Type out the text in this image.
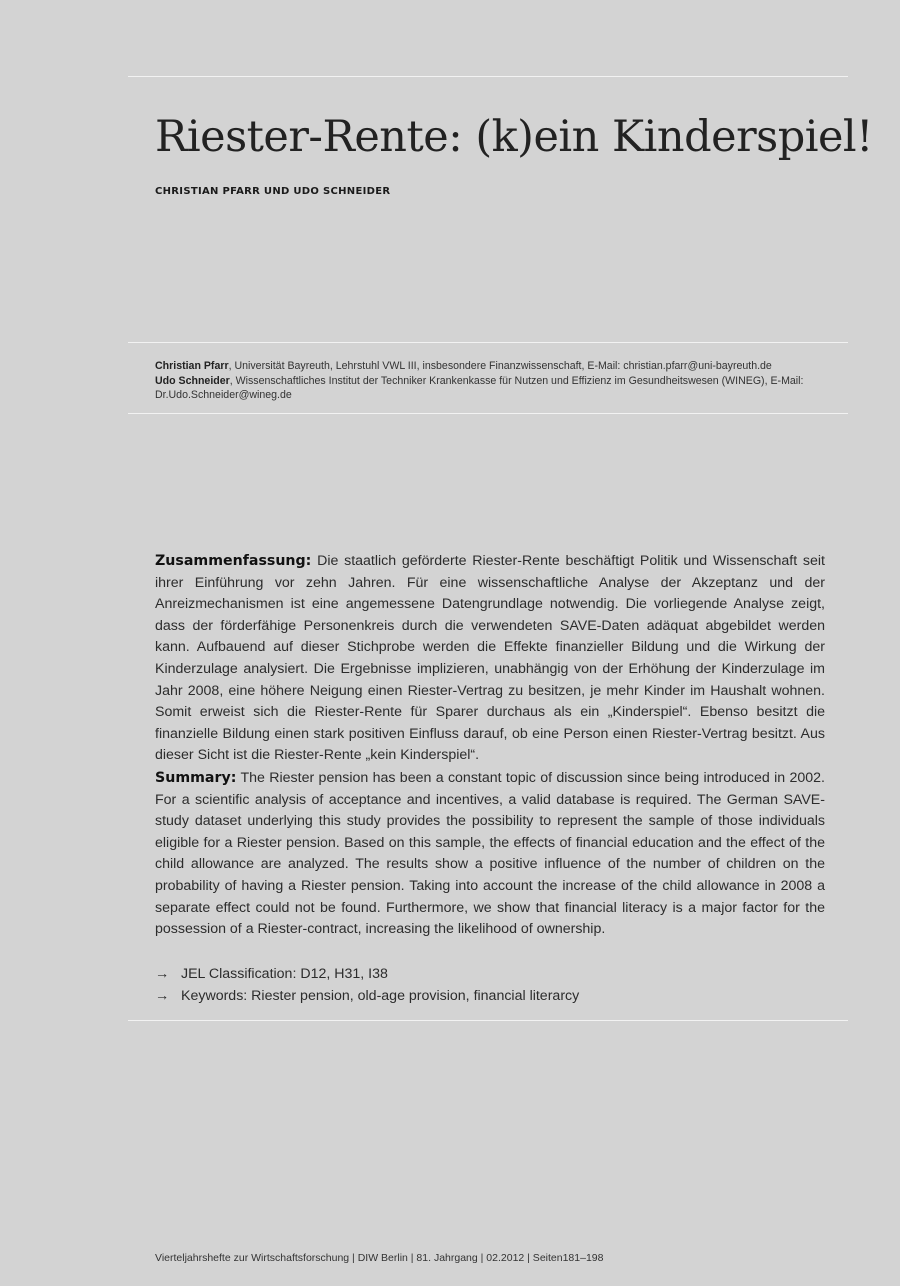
Riester-Rente: (k)ein Kinderspiel!
CHRISTIAN PFARR UND UDO SCHNEIDER
Christian Pfarr, Universität Bayreuth, Lehrstuhl VWL III, insbesondere Finanzwissenschaft, E-Mail: christian.pfarr@uni-bayreuth.de
Udo Schneider, Wissenschaftliches Institut der Techniker Krankenkasse für Nutzen und Effizienz im Gesundheitswesen (WINEG), E-Mail: Dr.Udo.Schneider@wineg.de

Zusammenfassung: Die staatlich geförderte Riester-Rente beschäftigt Politik und Wissenschaft seit ihrer Einführung vor zehn Jahren. Für eine wissenschaftliche Analyse der Akzeptanz und der Anreizmechanismen ist eine angemessene Datengrundlage notwendig. Die vorliegende Analyse zeigt, dass der förderfähige Personenkreis durch die verwendeten SAVE-Daten adäquat abgebildet werden kann. Aufbauend auf dieser Stichprobe werden die Effekte finanzieller Bildung und die Wirkung der Kinderzulage analysiert. Die Ergebnisse implizieren, unabhängig von der Erhöhung der Kinderzulage im Jahr 2008, eine höhere Neigung einen Riester-Vertrag zu besitzen, je mehr Kinder im Haushalt wohnen. Somit erweist sich die Riester-Rente für Sparer durchaus als ein „Kinderspiel“. Ebenso besitzt die finanzielle Bildung einen stark positiven Einfluss darauf, ob eine Person einen Riester-Vertrag besitzt. Aus dieser Sicht ist die Riester-Rente „kein Kinderspiel“.

Summary: The Riester pension has been a constant topic of discussion since being introduced in 2002. For a scientific analysis of acceptance and incentives, a valid database is required. The German SAVE-study dataset underlying this study provides the possibility to represent the sample of those individuals eligible for a Riester pension. Based on this sample, the effects of financial education and the effect of the child allowance are analyzed. The results show a positive influence of the number of children on the probability of having a Riester pension. Taking into account the increase of the child allowance in 2008 a separate effect could not be found. Furthermore, we show that financial literacy is a major factor for the possession of a Riester-contract, increasing the likelihood of ownership.

→ JEL Classification: D12, H31, I38
→ Keywords: Riester pension, old-age provision, financial literarcy
Vierteljahrshefte zur Wirtschaftsforschung | DIW Berlin | 81. Jahrgang | 02.2012 | Seiten181–198
